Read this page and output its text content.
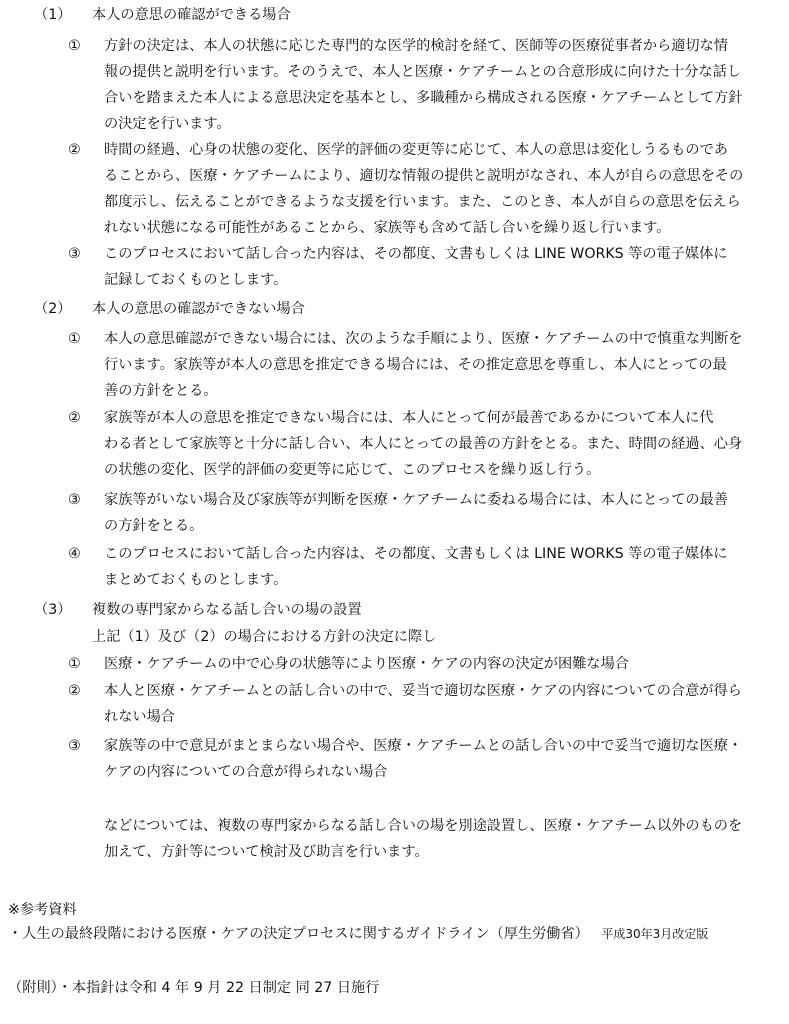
（1） 本人の意思の確認ができる場合
① 方針の決定は、本人の状態に応じた専門的な医学的検討を経て、医師等の医療従事者から適切な情
報の提供と説明を行います。そのうえで、本人と医療・ケアチームとの合意形成に向けた十分な話し
合いを踏まえた本人による意思決定を基本とし、多職種から構成される医療・ケアチームとして方針
の決定を行います。
② 時間の経過、心身の状態の変化、医学的評価の変更等に応じて、本人の意思は変化しうるものであ
ることから、医療・ケアチームにより、適切な情報の提供と説明がなされ、本人が自らの意思をその
都度示し、伝えることができるような支援を行います。また、このとき、本人が自らの意思を伝えら
れない状態になる可能性があることから、家族等も含めて話し合いを繰り返し行います。
③ このプロセスにおいて話し合った内容は、その都度、文書もしくは LINE WORKS 等の電子媒体に
記録しておくものとします。
（2） 本人の意思の確認ができない場合
① 本人の意思確認ができない場合には、次のような手順により、医療・ケアチームの中で慎重な判断を
行います。家族等が本人の意思を推定できる場合には、その推定意思を尊重し、本人にとっての最
善の方針をとる。
② 家族等が本人の意思を推定できない場合には、本人にとって何が最善であるかについて本人に代
わる者として家族等と十分に話し合い、本人にとっての最善の方針をとる。また、時間の経過、心身
の状態の変化、医学的評価の変更等に応じて、このプロセスを繰り返し行う。
③ 家族等がいない場合及び家族等が判断を医療・ケアチームに委ねる場合には、本人にとっての最善
の方針をとる。
④ このプロセスにおいて話し合った内容は、その都度、文書もしくは LINE WORKS 等の電子媒体に
まとめておくものとします。
（3） 複数の専門家からなる話し合いの場の設置
上記（1）及び（2）の場合における方針の決定に際し
① 医療・ケアチームの中で心身の状態等により医療・ケアの内容の決定が困難な場合
② 本人と医療・ケアチームとの話し合いの中で、妥当で適切な医療・ケアの内容についての合意が得ら
れない場合
③ 家族等の中で意見がまとまらない場合や、医療・ケアチームとの話し合いの中で妥当で適切な医療・
ケアの内容についての合意が得られない場合
などについては、複数の専門家からなる話し合いの場を別途設置し、医療・ケアチーム以外のものを
加えて、方針等について検討及び助言を行います。
※参考資料
・人生の最終段階における医療・ケアの決定プロセスに関するガイドライン（厚生労働省） 平成30年3月改定版
（附則）・本指針は令和 4 年 9 月 22 日制定 同 27 日施行
